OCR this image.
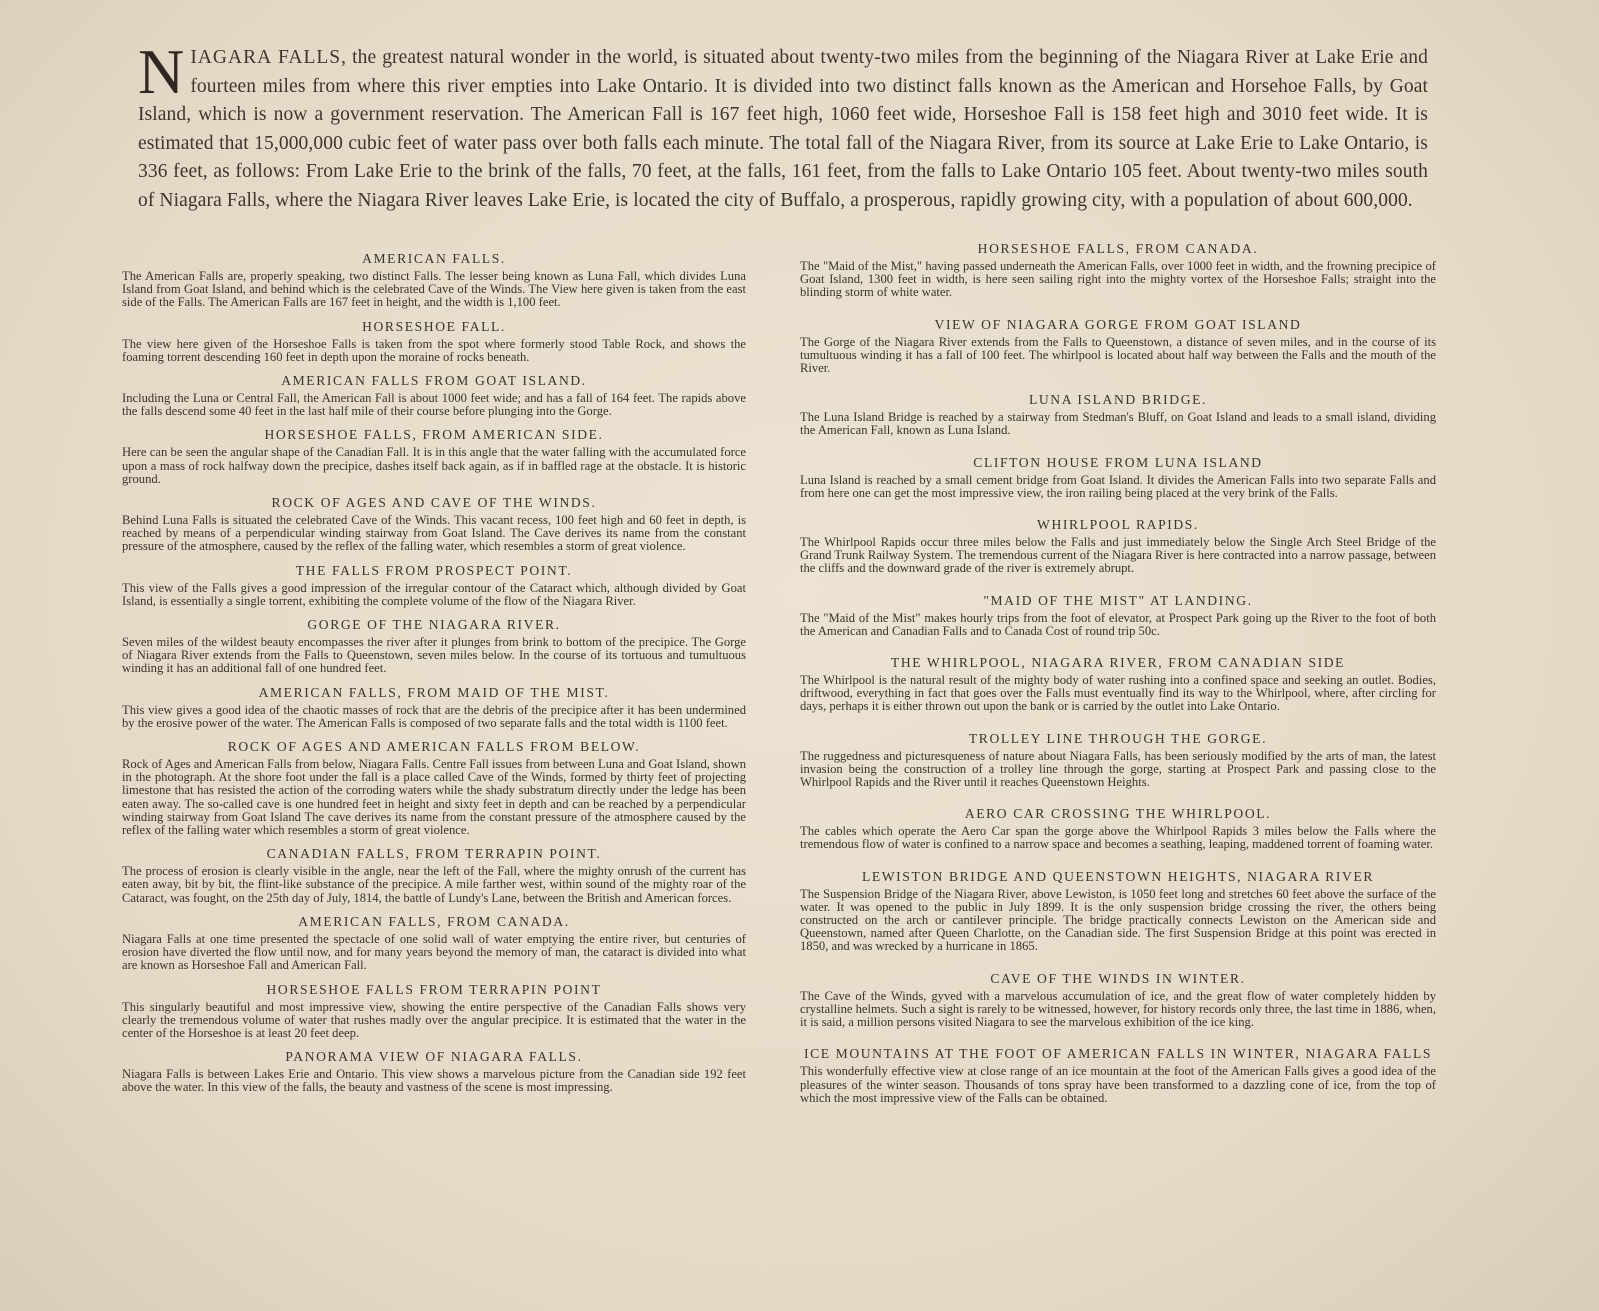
NIAGARA FALLS, the greatest natural wonder in the world, is situated about twenty-two miles from the beginning of the Niagara River at Lake Erie and fourteen miles from where this river empties into Lake Ontario. It is divided into two distinct falls known as the American and Horsehoe Falls, by Goat Island, which is now a government reservation. The American Fall is 167 feet high, 1060 feet wide, Horseshoe Fall is 158 feet high and 3010 feet wide. It is estimated that 15,000,000 cubic feet of water pass over both falls each minute. The total fall of the Niagara River, from its source at Lake Erie to Lake Ontario, is 336 feet, as follows: From Lake Erie to the brink of the falls, 70 feet, at the falls, 161 feet, from the falls to Lake Ontario 105 feet. About twenty-two miles south of Niagara Falls, where the Niagara River leaves Lake Erie, is located the city of Buffalo, a prosperous, rapidly growing city, with a population of about 600,000.
AMERICAN FALLS.

The American Falls are, properly speaking, two distinct Falls. The lesser being known as Luna Fall, which divides Luna Island from Goat Island, and behind which is the celebrated Cave of the Winds. The View here given is taken from the east side of the Falls. The American Falls are 167 feet in height, and the width is 1,100 feet.

HORSESHOE FALL.

The view here given of the Horseshoe Falls is taken from the spot where formerly stood Table Rock, and shows the foaming torrent descending 160 feet in depth upon the moraine of rocks beneath.

AMERICAN FALLS FROM GOAT ISLAND.

Including the Luna or Central Fall, the American Fall is about 1000 feet wide; and has a fall of 164 feet. The rapids above the falls descend some 40 feet in the last half mile of their course before plunging into the Gorge.

HORSESHOE FALLS, FROM AMERICAN SIDE.

Here can be seen the angular shape of the Canadian Fall. It is in this angle that the water falling with the accumulated force upon a mass of rock halfway down the precipice, dashes itself back again, as if in baffled rage at the obstacle. It is historic ground.

ROCK OF AGES AND CAVE OF THE WINDS.

Behind Luna Falls is situated the celebrated Cave of the Winds. This vacant recess, 100 feet high and 60 feet in depth, is reached by means of a perpendicular winding stairway from Goat Island. The Cave derives its name from the constant pressure of the atmosphere, caused by the reflex of the falling water, which resembles a storm of great violence.

THE FALLS FROM PROSPECT POINT.

This view of the Falls gives a good impression of the irregular contour of the Cataract which, although divided by Goat Island, is essentially a single torrent, exhibiting the complete volume of the flow of the Niagara River.

GORGE OF THE NIAGARA RIVER.

Seven miles of the wildest beauty encompasses the river after it plunges from brink to bottom of the precipice. The Gorge of Niagara River extends from the Falls to Queenstown, seven miles below. In the course of its tortuous and tumultuous winding it has an additional fall of one hundred feet.

AMERICAN FALLS, FROM MAID OF THE MIST.

This view gives a good idea of the chaotic masses of rock that are the debris of the precipice after it has been undermined by the erosive power of the water. The American Falls is composed of two separate falls and the total width is 1100 feet.

ROCK OF AGES AND AMERICAN FALLS FROM BELOW.

Rock of Ages and American Falls from below, Niagara Falls. Centre Fall issues from between Luna and Goat Island, shown in the photograph. At the shore foot under the fall is a place called Cave of the Winds, formed by thirty feet of projecting limestone that has resisted the action of the corroding waters while the shady substratum directly under the ledge has been eaten away. The so-called cave is one hundred feet in height and sixty feet in depth and can be reached by a perpendicular winding stairway from Goat Island The cave derives its name from the constant pressure of the atmosphere caused by the reflex of the falling water which resembles a storm of great violence.

CANADIAN FALLS, FROM TERRAPIN POINT.

The process of erosion is clearly visible in the angle, near the left of the Fall, where the mighty onrush of the current has eaten away, bit by bit, the flint-like substance of the precipice. A mile farther west, within sound of the mighty roar of the Cataract, was fought, on the 25th day of July, 1814, the battle of Lundy's Lane, between the British and American forces.

AMERICAN FALLS, FROM CANADA.

Niagara Falls at one time presented the spectacle of one solid wall of water emptying the entire river, but centuries of erosion have diverted the flow until now, and for many years beyond the memory of man, the cataract is divided into what are known as Horseshoe Fall and American Fall.

HORSESHOE FALLS FROM TERRAPIN POINT

This singularly beautiful and most impressive view, showing the entire perspective of the Canadian Falls shows very clearly the tremendous volume of water that rushes madly over the angular precipice. It is estimated that the water in the center of the Horseshoe is at least 20 feet deep.

PANORAMA VIEW OF NIAGARA FALLS.

Niagara Falls is between Lakes Erie and Ontario. This view shows a marvelous picture from the Canadian side 192 feet above the water. In this view of the falls, the beauty and vastness of the scene is most impressing.

HORSESHOE FALLS, FROM CANADA.

The "Maid of the Mist," having passed underneath the American Falls, over 1000 feet in width, and the frowning precipice of Goat Island, 1300 feet in width, is here seen sailing right into the mighty vortex of the Horseshoe Falls; straight into the blinding storm of white water.

VIEW OF NIAGARA GORGE FROM GOAT ISLAND

The Gorge of the Niagara River extends from the Falls to Queenstown, a distance of seven miles, and in the course of its tumultuous winding it has a fall of 100 feet. The whirlpool is located about half way between the Falls and the mouth of the River.

LUNA ISLAND BRIDGE.

The Luna Island Bridge is reached by a stairway from Stedman's Bluff, on Goat Island and leads to a small island, dividing the American Fall, known as Luna Island.

CLIFTON HOUSE FROM LUNA ISLAND

Luna Island is reached by a small cement bridge from Goat Island. It divides the American Falls into two separate Falls and from here one can get the most impressive view, the iron railing being placed at the very brink of the Falls.

WHIRLPOOL RAPIDS.

The Whirlpool Rapids occur three miles below the Falls and just immediately below the Single Arch Steel Bridge of the Grand Trunk Railway System. The tremendous current of the Niagara River is here contracted into a narrow passage, between the cliffs and the downward grade of the river is extremely abrupt.

"MAID OF THE MIST" AT LANDING.

The "Maid of the Mist" makes hourly trips from the foot of elevator, at Prospect Park going up the River to the foot of both the American and Canadian Falls and to Canada Cost of round trip 50c.

THE WHIRLPOOL, NIAGARA RIVER, FROM CANADIAN SIDE

The Whirlpool is the natural result of the mighty body of water rushing into a confined space and seeking an outlet. Bodies, driftwood, everything in fact that goes over the Falls must eventually find its way to the Whirlpool, where, after circling for days, perhaps it is either thrown out upon the bank or is carried by the outlet into Lake Ontario.

TROLLEY LINE THROUGH THE GORGE.

The ruggedness and picturesqueness of nature about Niagara Falls, has been seriously modified by the arts of man, the latest invasion being the construction of a trolley line through the gorge, starting at Prospect Park and passing close to the Whirlpool Rapids and the River until it reaches Queenstown Heights.

AERO CAR CROSSING THE WHIRLPOOL.

The cables which operate the Aero Car span the gorge above the Whirlpool Rapids 3 miles below the Falls where the tremendous flow of water is confined to a narrow space and becomes a seathing, leaping, maddened torrent of foaming water.

LEWISTON BRIDGE AND QUEENSTOWN HEIGHTS, NIAGARA RIVER

The Suspension Bridge of the Niagara River, above Lewiston, is 1050 feet long and stretches 60 feet above the surface of the water. It was opened to the public in July 1899. It is the only suspension bridge crossing the river, the others being constructed on the arch or cantilever principle. The bridge practically connects Lewiston on the American side and Queenstown, named after Queen Charlotte, on the Canadian side. The first Suspension Bridge at this point was erected in 1850, and was wrecked by a hurricane in 1865.

CAVE OF THE WINDS IN WINTER.

The Cave of the Winds, gyved with a marvelous accumulation of ice, and the great flow of water completely hidden by crystalline helmets. Such a sight is rarely to be witnessed, however, for history records only three, the last time in 1886, when, it is said, a million persons visited Niagara to see the marvelous exhibition of the ice king.

ICE MOUNTAINS AT THE FOOT OF AMERICAN FALLS IN WINTER, NIAGARA FALLS

This wonderfully effective view at close range of an ice mountain at the foot of the American Falls gives a good idea of the pleasures of the winter season. Thousands of tons spray have been transformed to a dazzling cone of ice, from the top of which the most impressive view of the Falls can be obtained.
